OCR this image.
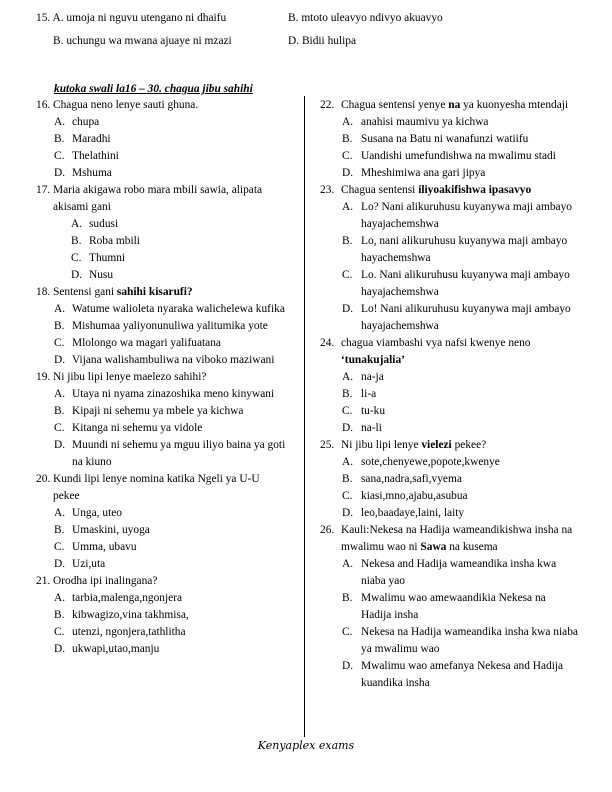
15. A. umoja ni nguvu utengano ni dhaifu	B. mtoto uleavyo ndivyo akuavyo
B. uchungu wa mwana ajuaye ni mzazi	D. Bidii hulipa
kutoka swali la16 – 30. chagua jibu sahihi
16. Chagua neno lenye sauti ghuna.
A. chupa
B. Maradhi
C. Thelathini
D. Mshuma
17. Maria akigawa robo mara mbili sawia, alipata akisami gani
A. sudusi
B. Roba mbili
C. Thumni
D. Nusu
18. Sentensi gani sahihi kisarufi?
A. Watume walioleta nyaraka walichelewa kufika
B. Mishumaa yaliyonunuliwa yalitumika yote
C. Mlolongo wa magari yalifuatana
D. Vijana walishambuliwa na viboko maziwani
19. Ni jibu lipi lenye maelezo sahihi?
A. Utaya ni nyama zinazoshika meno kinywani
B. Kipaji ni sehemu ya mbele ya kichwa
C. Kitanga ni sehemu ya vidole
D. Muundi ni sehemu ya mguu iliyo baina ya goti na kiuno
20. Kundi lipi lenye nomina katika Ngeli ya U-U pekee
A. Unga, uteo
B. Umaskini, uyoga
C. Umma, ubavu
D. Uzi,uta
21. Orodha ipi inalingana?
A. tarbia,malenga,ngonjera
B. kibwagizo,vina takhmisa,
C. utenzi, ngonjera,tathlitha
D. ukwapi,utao,manju
22. Chagua sentensi yenye na ya kuonyesha mtendaji
A. anahisi maumivu ya kichwa
B. Susana na Batu ni wanafunzi watiifu
C. Uandishi umefundishwa na mwalimu stadi
D. Mheshimiwa ana gari jipya
23. Chagua sentensi iliyoakifishwa ipasavyo
A. Lo? Nani alikuruhusu kuyanywa maji ambayo hayajachemshwa
B. Lo, nani alikuruhusu kuyanywa maji ambayo hayachemshwa
C. Lo. Nani alikuruhusu kuyanywa maji ambayo hayajachemshwa
D. Lo! Nani alikuruhusu kuyanywa maji ambayo hayajachemshwa
24. chagua viambashi vya nafsi kwenye neno ‘tunakujalia’
A. na-ja
B. li-a
C. tu-ku
D. na-li
25. Ni jibu lipi lenye vielezi pekee?
A. sote,chenyewe,popote,kwenye
B. sana,nadra,safi,vyema
C. kiasi,mno,ajabu,asubua
D. leo,baadaye,laini, laity
26. Kauli:Nekesa na Hadija wameandikishwa insha na mwalimu wao ni Sawa na kusema
A. Nekesa and Hadija wameandika insha kwa niaba yao
B. Mwalimu wao amewaandikia Nekesa na Hadija insha
C. Nekesa na Hadija wameandika insha kwa niaba ya mwalimu wao
D. Mwalimu wao amefanya Nekesa and Hadija kuandika insha
Kenyaplex exams
